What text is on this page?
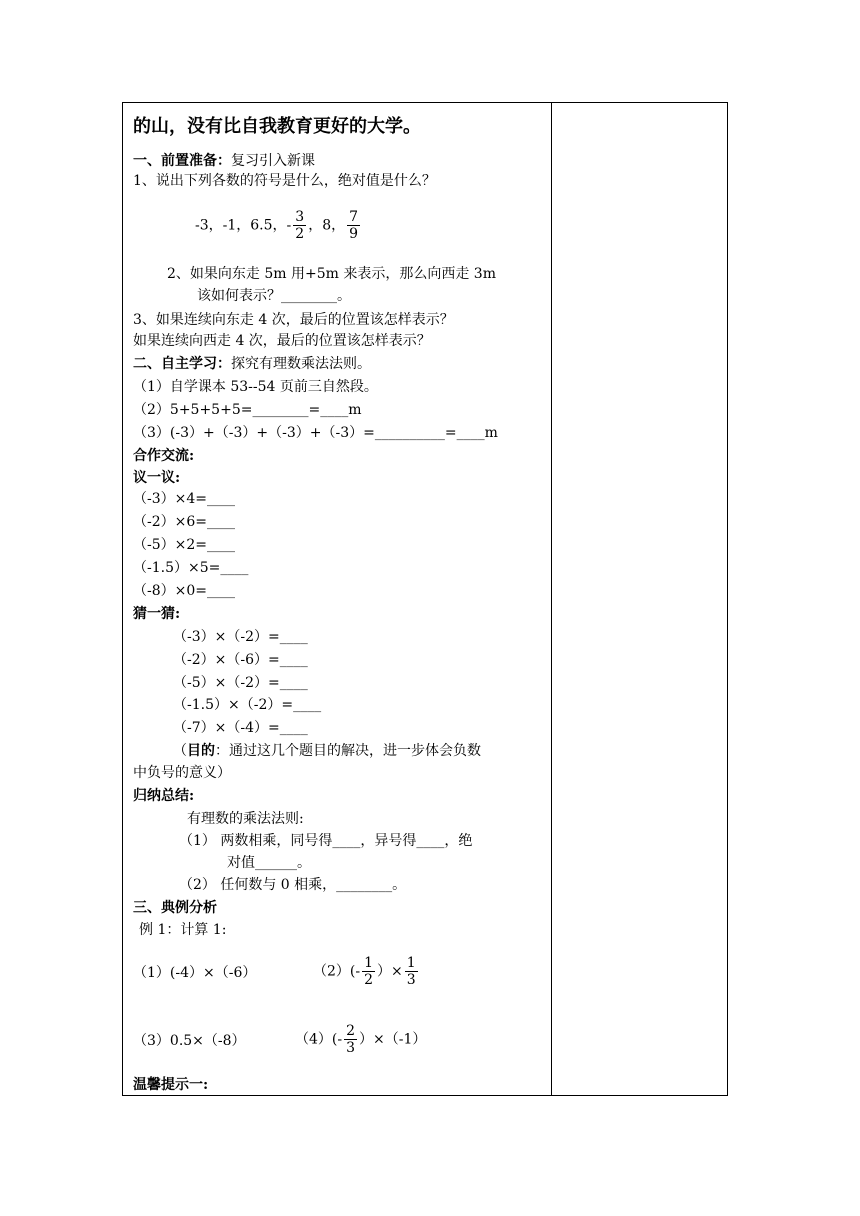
的山，没有比自我教育更好的大学。
一、前置准备：复习引入新课
1、说出下列各数的符号是什么，绝对值是什么？
-3，-1，6.5，- $\frac{3}{2}$ ，8， $\frac{7}{9}$
2、如果向东走 5m 用+5m 来表示，那么向西走 3m
该如何表示？________。
3、如果连续向东走 4 次，最后的位置该怎样表示？
如果连续向西走 4 次，最后的位置该怎样表示？
二、自主学习：探究有理数乘法法则。
（1）自学课本 53--54 页前三自然段。
（2）5+5+5+5=________=____m
（3）(-3）+（-3）+（-3）+（-3）=__________=____m
合作交流:
议一议:
（-3）×4=____
（-2）×6=____
（-5）×2=____
（-1.5）×5=____
（-8）×0=____
猜一猜:
（-3）×（-2）=____
（-2）×（-6）=____
（-5）×（-2）=____
（-1.5）×（-2）=____
（-7）×（-4）=____
（目的：通过这几个题目的解决，进一步体会负数
中负号的意义）
归纳总结:
有理数的乘法法则:
（1） 两数相乘，同号得____，异号得____，绝
对值______。
（2） 任何数与 0 相乘，________。
三、典例分析
例 1：计算 1:
（1）(-4）×（-6）	$(2)(- \frac{1}{2}$ ）× $\frac{1}{3}$
（3）0.5×（-8）	$(4)(- \frac{2}{3} )\times(-1)$
温馨提示一:
